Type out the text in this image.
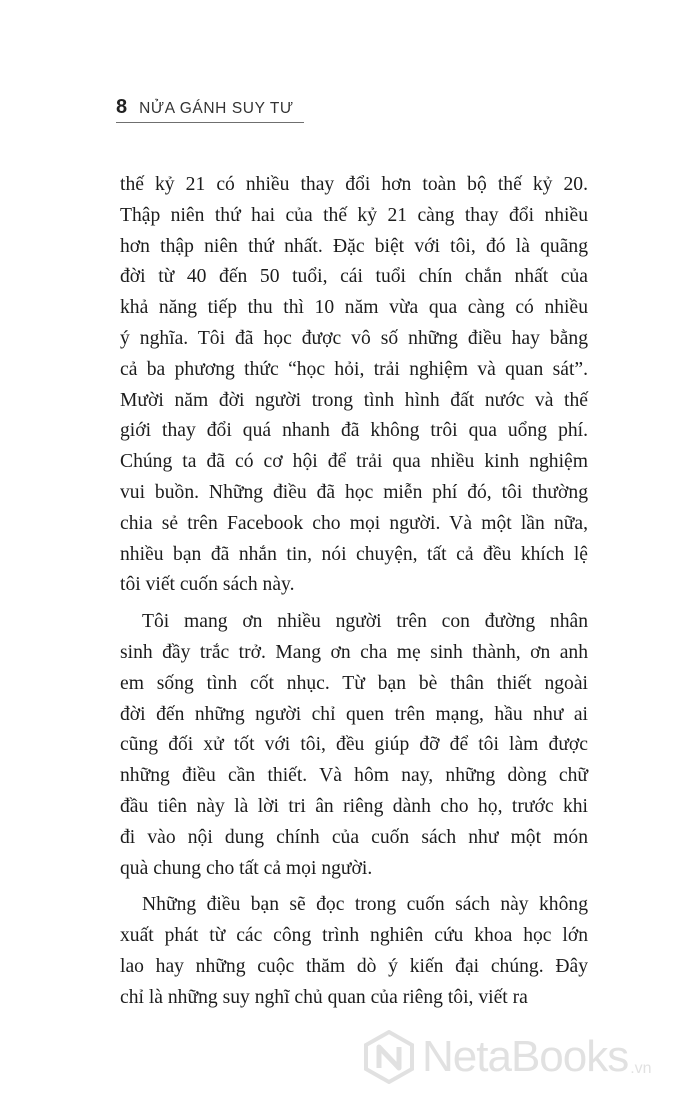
8 NỬA GÁNH SUY TƯ
thế kỷ 21 có nhiều thay đổi hơn toàn bộ thế kỷ 20.
Thập niên thứ hai của thế kỷ 21 càng thay đổi nhiều
hơn thập niên thứ nhất. Đặc biệt với tôi, đó là quãng
đời từ 40 đến 50 tuổi, cái tuổi chín chắn nhất của
khả năng tiếp thu thì 10 năm vừa qua càng có nhiều
ý nghĩa. Tôi đã học được vô số những điều hay bằng
cả ba phương thức “học hỏi, trải nghiệm và quan sát”.
Mười năm đời người trong tình hình đất nước và thế
giới thay đổi quá nhanh đã không trôi qua uổng phí.
Chúng ta đã có cơ hội để trải qua nhiều kinh nghiệm
vui buồn. Những điều đã học miễn phí đó, tôi thường
chia sẻ trên Facebook cho mọi người. Và một lần nữa,
nhiều bạn đã nhắn tin, nói chuyện, tất cả đều khích lệ
tôi viết cuốn sách này.
Tôi mang ơn nhiều người trên con đường nhân
sinh đầy trắc trở. Mang ơn cha mẹ sinh thành, ơn anh
em sống tình cốt nhục. Từ bạn bè thân thiết ngoài
đời đến những người chỉ quen trên mạng, hầu như ai
cũng đối xử tốt với tôi, đều giúp đỡ để tôi làm được
những điều cần thiết. Và hôm nay, những dòng chữ
đầu tiên này là lời tri ân riêng dành cho họ, trước khi
đi vào nội dung chính của cuốn sách như một món
quà chung cho tất cả mọi người.
Những điều bạn sẽ đọc trong cuốn sách này không
xuất phát từ các công trình nghiên cứu khoa học lớn
lao hay những cuộc thăm dò ý kiến đại chúng. Đây
chỉ là những suy nghĩ chủ quan của riêng tôi, viết ra
NetaBooks .vn
